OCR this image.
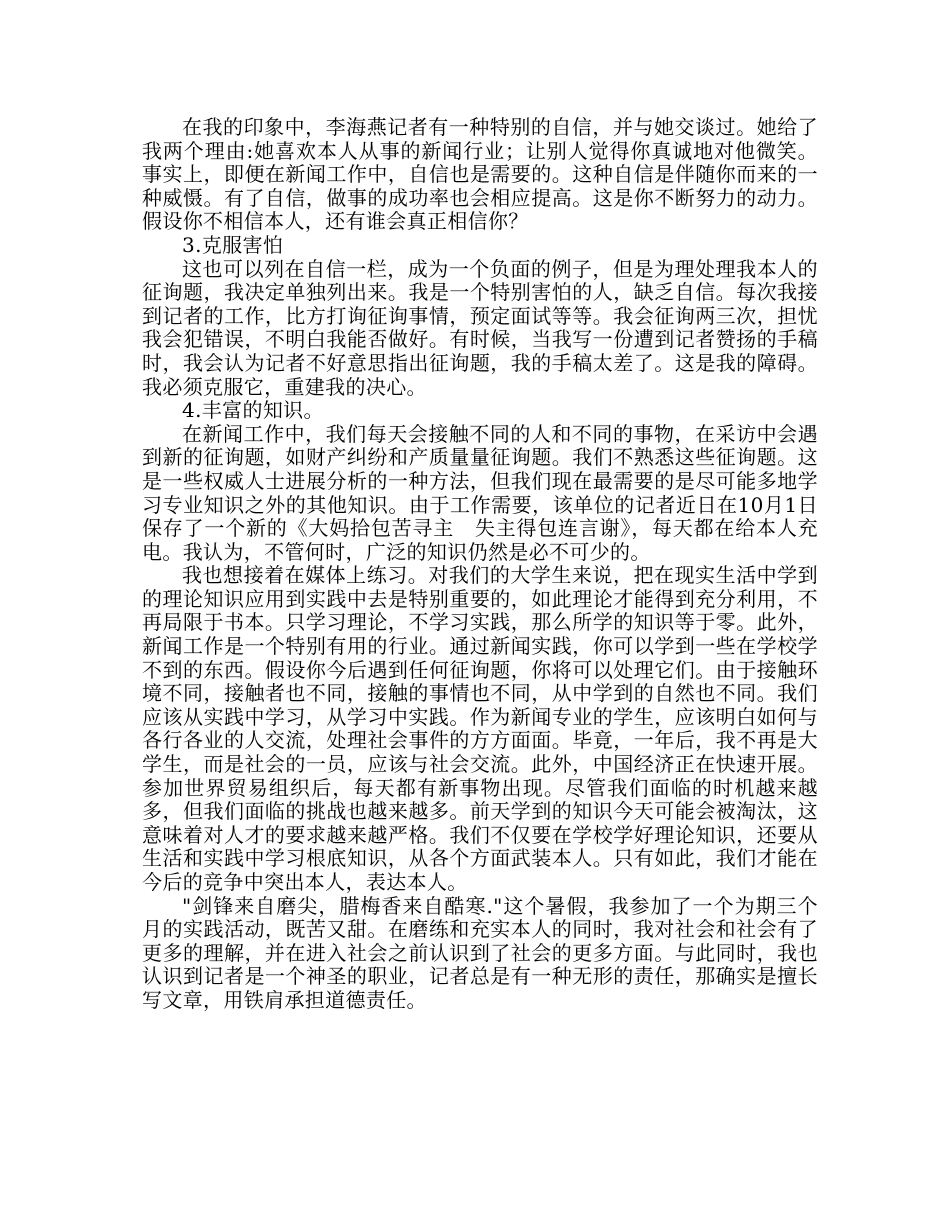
在我的印象中，李海燕记者有一种特别的自信，并与她交谈过。她给了我两个理由:她喜欢本人从事的新闻行业；让别人觉得你真诚地对他微笑。事实上，即便在新闻工作中，自信也是需要的。这种自信是伴随你而来的一种威慑。有了自信，做事的成功率也会相应提高。这是你不断努力的动力。假设你不相信本人，还有谁会真正相信你？

3.克服害怕

这也可以列在自信一栏，成为一个负面的例子，但是为理处理我本人的征询题，我决定单独列出来。我是一个特别害怕的人，缺乏自信。每次我接到记者的工作，比方打询征询事情，预定面试等等。我会征询两三次，担忧我会犯错误，不明白我能否做好。有时候，当我写一份遭到记者赞扬的手稿时，我会认为记者不好意思指出征询题，我的手稿太差了。这是我的障碍。我必须克服它，重建我的决心。

4.丰富的知识。

在新闻工作中，我们每天会接触不同的人和不同的事物，在采访中会遇到新的征询题，如财产纠纷和产质量量征询题。我们不熟悉这些征询题。这是一些权威人士进展分析的一种方法，但我们现在最需要的是尽可能多地学习专业知识之外的其他知识。由于工作需要，该单位的记者近日在10月1日保存了一个新的《大妈拾包苦寻主　失主得包连言谢》，每天都在给本人充电。我认为，不管何时，广泛的知识仍然是必不可少的。

我也想接着在媒体上练习。对我们的大学生来说，把在现实生活中学到的理论知识应用到实践中去是特别重要的，如此理论才能得到充分利用，不再局限于书本。只学习理论，不学习实践，那么所学的知识等于零。此外，新闻工作是一个特别有用的行业。通过新闻实践，你可以学到一些在学校学不到的东西。假设你今后遇到任何征询题，你将可以处理它们。由于接触环境不同，接触者也不同，接触的事情也不同，从中学到的自然也不同。我们应该从实践中学习，从学习中实践。作为新闻专业的学生，应该明白如何与各行各业的人交流，处理社会事件的方方面面。毕竟，一年后，我不再是大学生，而是社会的一员，应该与社会交流。此外，中国经济正在快速开展。参加世界贸易组织后，每天都有新事物出现。尽管我们面临的时机越来越多，但我们面临的挑战也越来越多。前天学到的知识今天可能会被淘汰，这意味着对人才的要求越来越严格。我们不仅要在学校学好理论知识，还要从生活和实践中学习根底知识，从各个方面武装本人。只有如此，我们才能在今后的竞争中突出本人，表达本人。

"剑锋来自磨尖，腊梅香来自酷寒."这个暑假，我参加了一个为期三个月的实践活动，既苦又甜。在磨练和充实本人的同时，我对社会和社会有了更多的理解，并在进入社会之前认识到了社会的更多方面。与此同时，我也认识到记者是一个神圣的职业，记者总是有一种无形的责任，那确实是擅长写文章，用铁肩承担道德责任。
